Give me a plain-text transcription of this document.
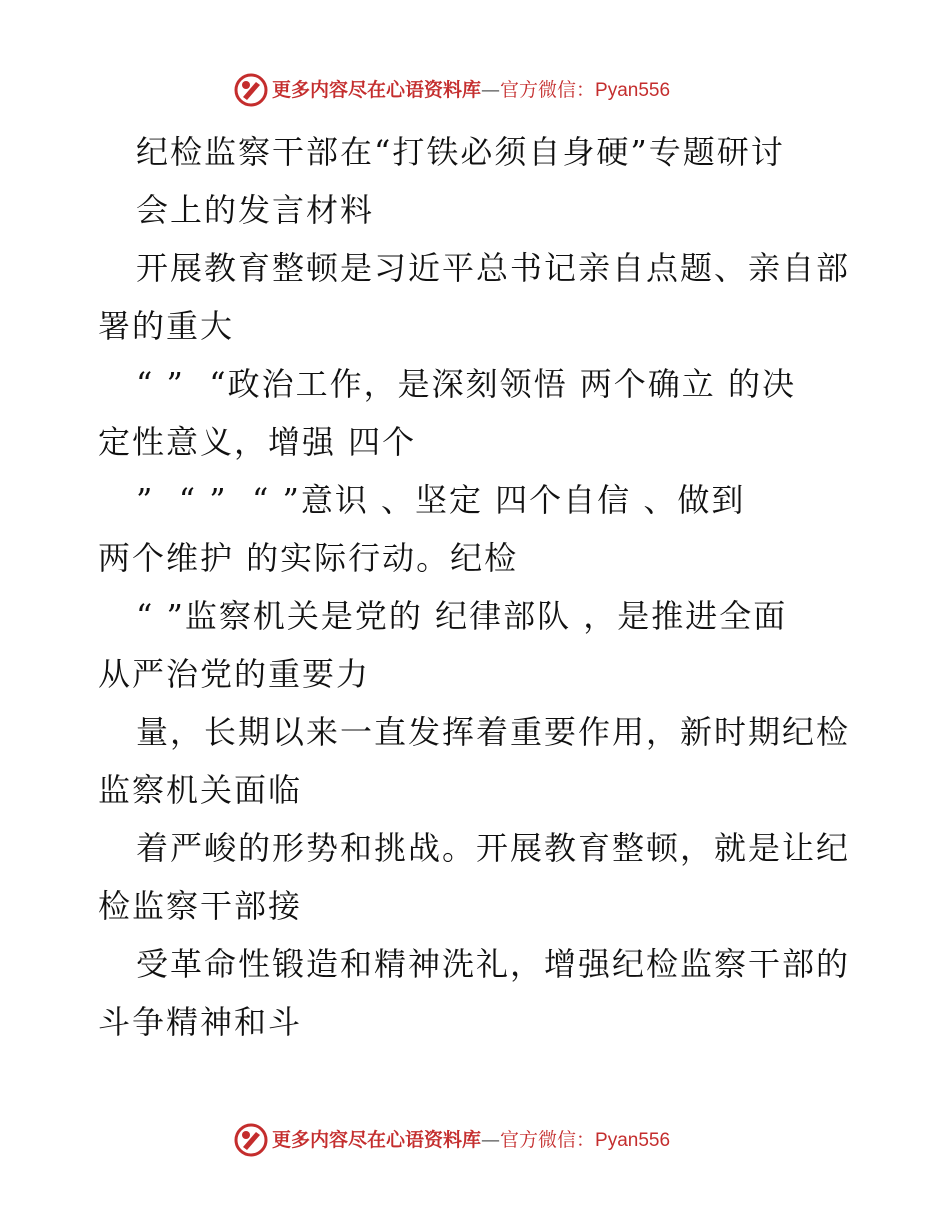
更多内容尽在心语资料库—官方微信：Pyan556
纪检监察干部在“打铁必须自身硬”专题研讨
会上的发言材料
开展教育整顿是习近平总书记亲自点题、亲自部
署的重大
“ ”  “政治工作，是深刻领悟 两个确立 的决
定性意义，增强 四个
”  “ ”  “ ”意识 、坚定 四个自信 、做到
两个维护 的实际行动。纪检
“ ”监察机关是党的 纪律部队 ，是推进全面
从严治党的重要力
量，长期以来一直发挥着重要作用，新时期纪检
监察机关面临
着严峻的形势和挑战。开展教育整顿，就是让纪
检监察干部接
受革命性锻造和精神洗礼，增强纪检监察干部的
斗争精神和斗
更多内容尽在心语资料库—官方微信：Pyan556
